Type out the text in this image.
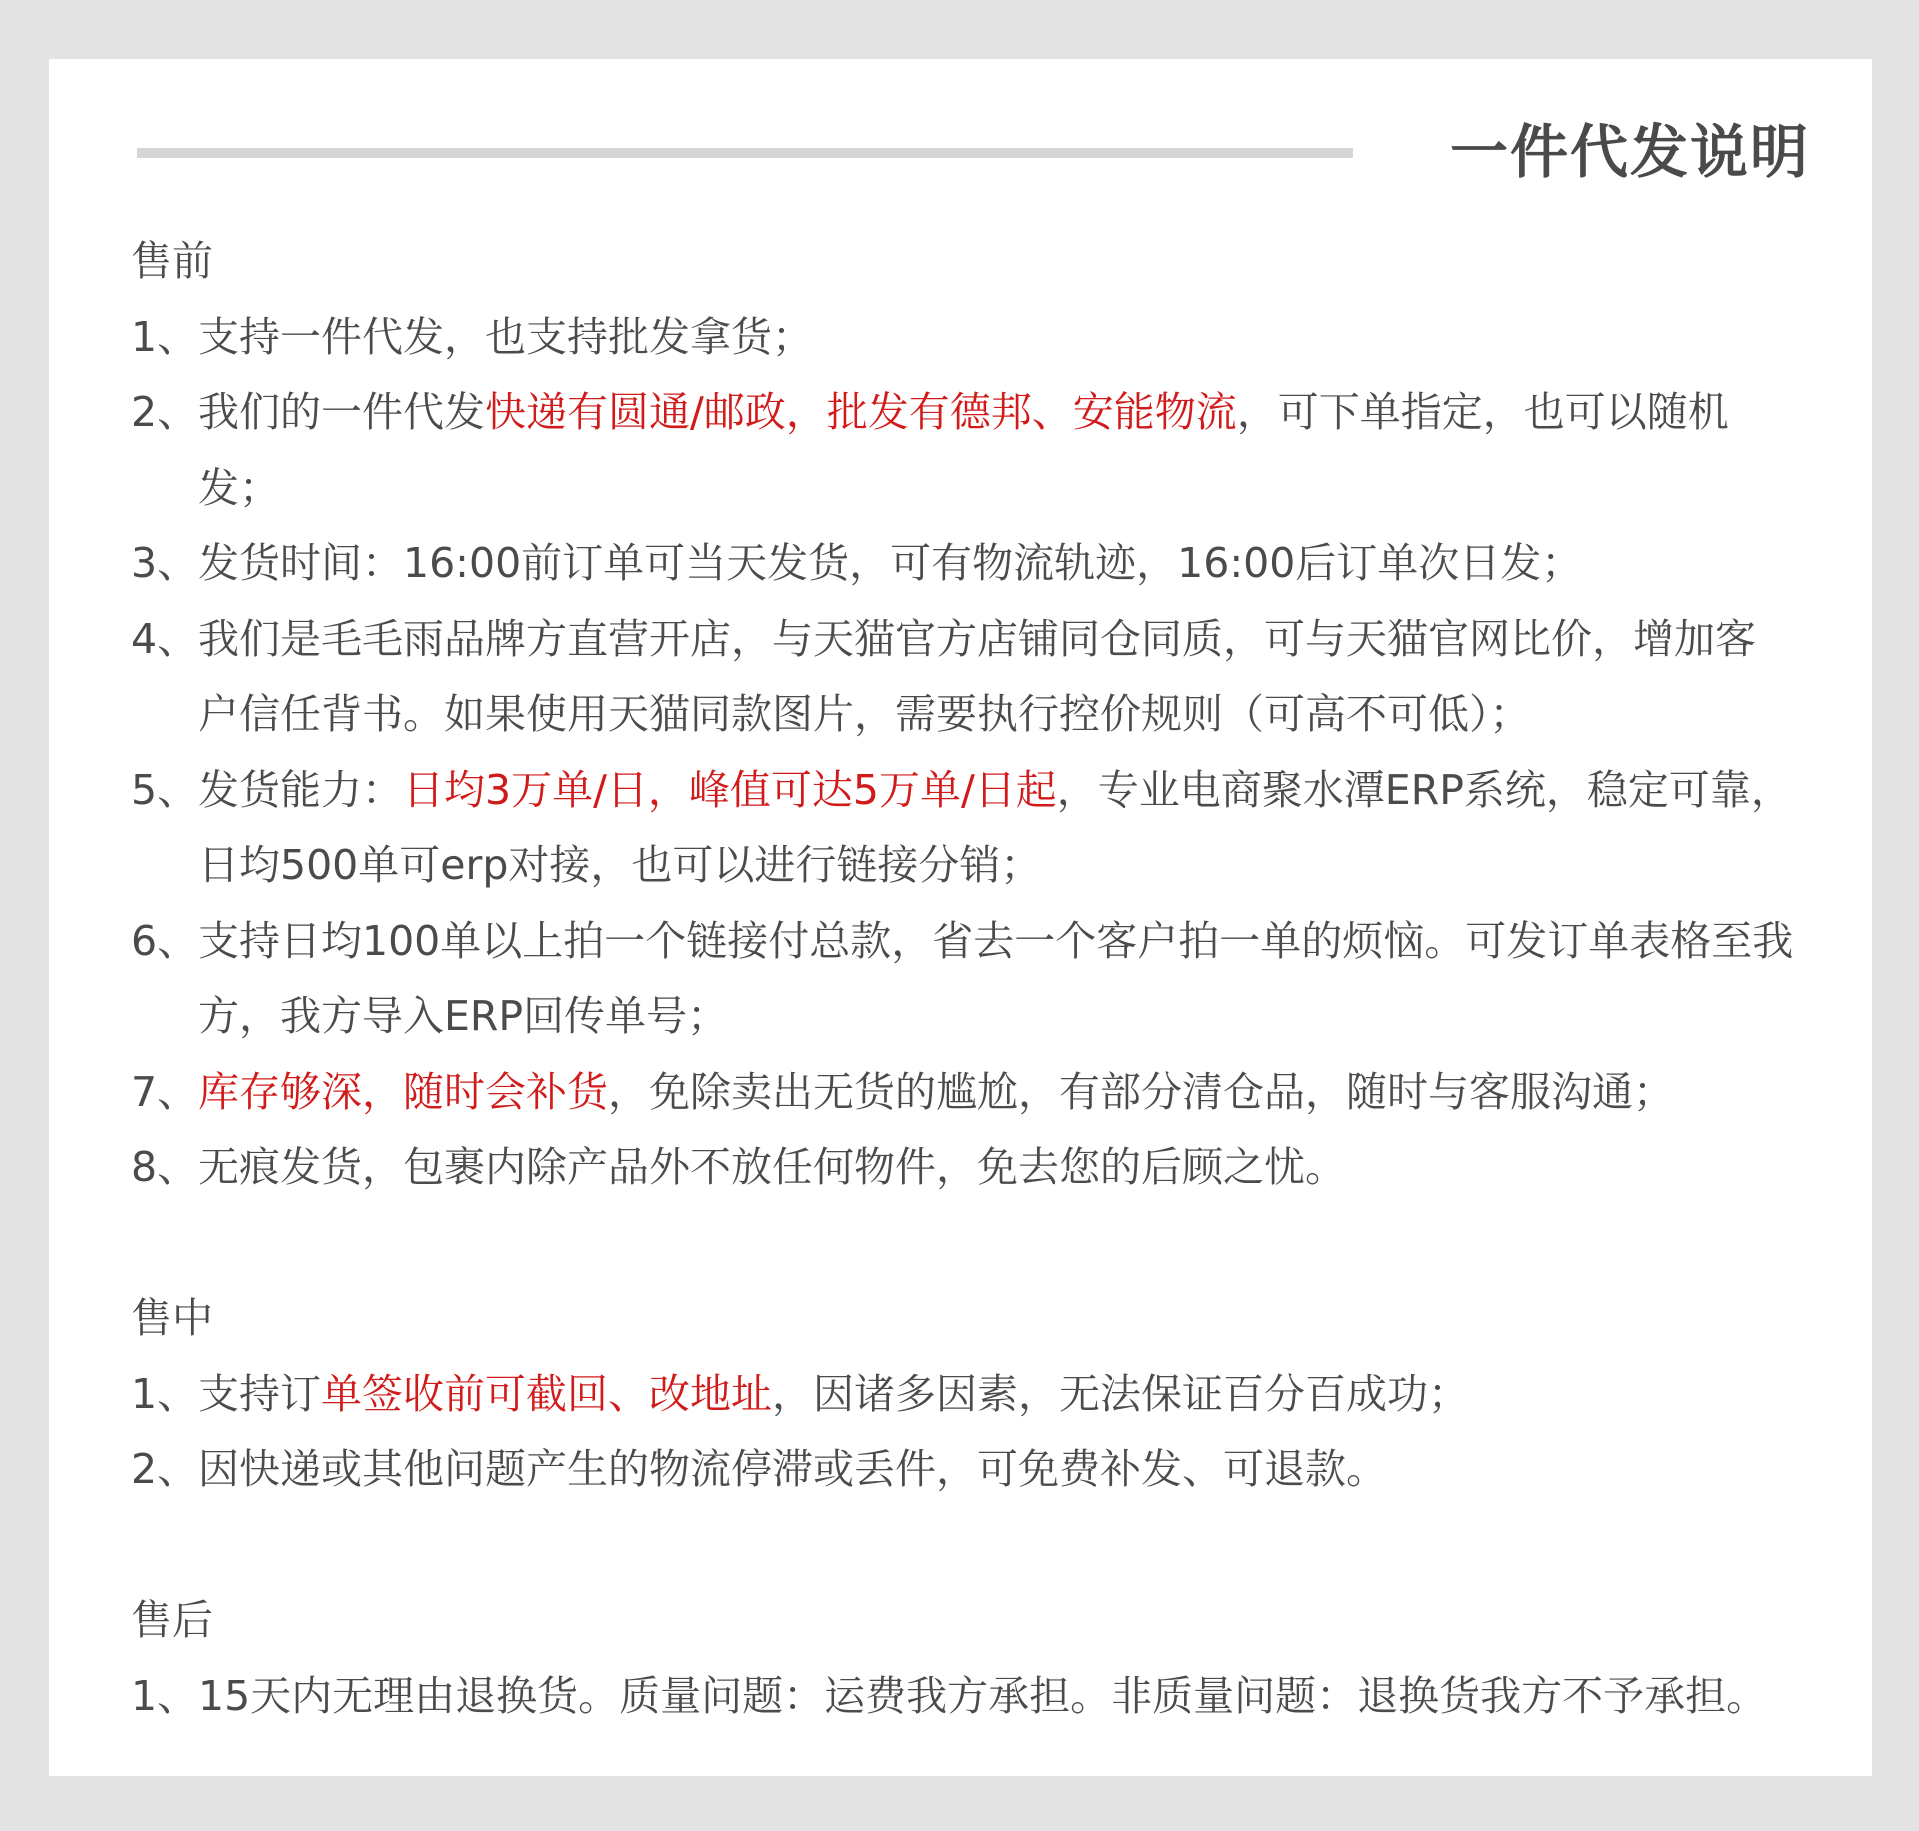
一件代发说明
售前
1、 支持一件代发，也支持批发拿货；
2、 我们的一件代发快递有圆通/邮政，批发有德邦、安能物流，可下单指定，也可以随机发；
3、 发货时间：16:00前订单可当天发货，可有物流轨迹，16:00后订单次日发；
4、 我们是毛毛雨品牌方直营开店，与天猫官方店铺同仓同质，可与天猫官网比价，增加客户信任背书。如果使用天猫同款图片，需要执行控价规则（可高不可低）；
5、 发货能力：日均3万单/日，峰值可达5万单/日起，专业电商聚水潭ERP系统，稳定可靠，日均500单可erp对接，也可以进行链接分销；
6、 支持日均100单以上拍一个链接付总款，省去一个客户拍一单的烦恼。可发订单表格至我方，我方导入ERP回传单号；
7、 库存够深，随时会补货，免除卖出无货的尴尬，有部分清仓品，随时与客服沟通；
8、 无痕发货，包裹内除产品外不放任何物件，免去您的后顾之忧。
售中
1、 支持订单签收前可截回、改地址，因诸多因素，无法保证百分百成功；
2、 因快递或其他问题产生的物流停滞或丢件，可免费补发、可退款。
售后
1、 15天内无理由退换货。质量问题：运费我方承担。非质量问题：退换货我方不予承担。
